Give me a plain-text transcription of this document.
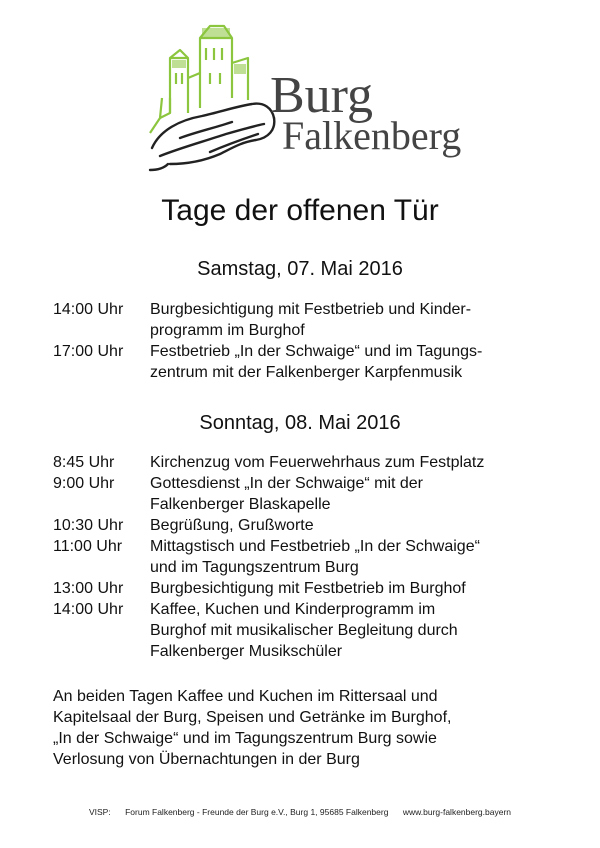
Burg
Falkenberg
Tage der offenen Tür
Samstag, 07. Mai 2016
14:00 Uhr	Burgbesichtigung mit Festbetrieb und Kinder-
programm im Burghof
17:00 Uhr	Festbetrieb „In der Schwaige“ und im Tagungs-
zentrum mit der Falkenberger Karpfenmusik
Sonntag, 08. Mai 2016
8:45 Uhr	Kirchenzug vom Feuerwehrhaus zum Festplatz
9:00 Uhr	Gottesdienst „In der Schwaige“ mit der
Falkenberger Blaskapelle
10:30 Uhr	Begrüßung, Grußworte
11:00 Uhr	Mittagstisch und Festbetrieb „In der Schwaige“
und im Tagungszentrum Burg
13:00 Uhr	Burgbesichtigung mit Festbetrieb im Burghof
14:00 Uhr	Kaffee, Kuchen und Kinderprogramm im
Burghof mit musikalischer Begleitung durch
Falkenberger Musikschüler
An beiden Tagen Kaffee und Kuchen im Rittersaal und
Kapitelsaal der Burg, Speisen und Getränke im Burghof,
„In der Schwaige“ und im Tagungszentrum Burg sowie
Verlosung von Übernachtungen in der Burg
VISP: Forum Falkenberg - Freunde der Burg e.V., Burg 1, 95685 Falkenberg www.burg-falkenberg.bayern
